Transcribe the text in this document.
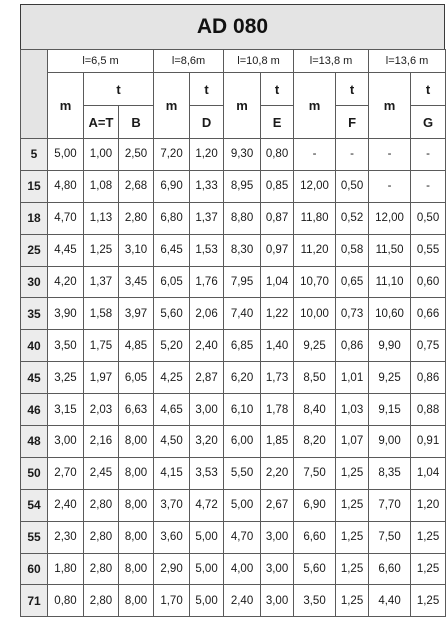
AD 080
	l=6,5 m			l=8,6m		l=10,8 m		l=13,8 m		l=13,6 m	
	m	t		m	t	m	t	m	t	m	t
		A=T	B		D		E		F		G
5	5,00	1,00	2,50	7,20	1,20	9,30	0,80	-	-	-	-
15	4,80	1,08	2,68	6,90	1,33	8,95	0,85	12,00	0,50	-	-
18	4,70	1,13	2,80	6,80	1,37	8,80	0,87	11,80	0,52	12,00	0,50
25	4,45	1,25	3,10	6,45	1,53	8,30	0,97	11,20	0,58	11,50	0,55
30	4,20	1,37	3,45	6,05	1,76	7,95	1,04	10,70	0,65	11,10	0,60
35	3,90	1,58	3,97	5,60	2,06	7,40	1,22	10,00	0,73	10,60	0,66
40	3,50	1,75	4,85	5,20	2,40	6,85	1,40	9,25	0,86	9,90	0,75
45	3,25	1,97	6,05	4,25	2,87	6,20	1,73	8,50	1,01	9,25	0,86
46	3,15	2,03	6,63	4,65	3,00	6,10	1,78	8,40	1,03	9,15	0,88
48	3,00	2,16	8,00	4,50	3,20	6,00	1,85	8,20	1,07	9,00	0,91
50	2,70	2,45	8,00	4,15	3,53	5,50	2,20	7,50	1,25	8,35	1,04
54	2,40	2,80	8,00	3,70	4,72	5,00	2,67	6,90	1,25	7,70	1,20
55	2,30	2,80	8,00	3,60	5,00	4,70	3,00	6,60	1,25	7,50	1,25
60	1,80	2,80	8,00	2,90	5,00	4,00	3,00	5,60	1,25	6,60	1,25
71	0,80	2,80	8,00	1,70	5,00	2,40	3,00	3,50	1,25	4,40	1,25
